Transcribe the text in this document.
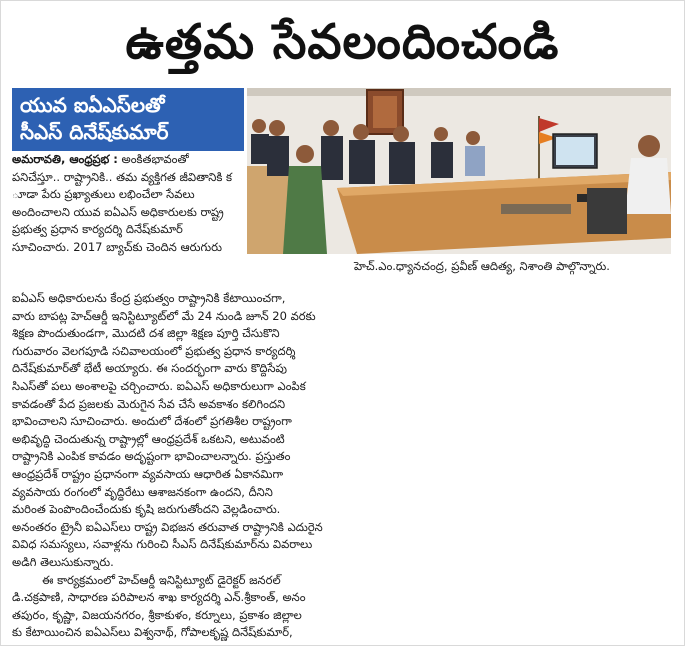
ఉత్తమ సేవలందించండి
యువ ఐఏఎస్‌లతో
సీఎస్ దినేష్‌కుమార్
హెచ్.ఎం.ధ్యానచంద్ర, ప్రవీణ్ ఆదిత్య, నిశాంతి పాల్గొన్నారు.

అమరావతి, ఆంధ్రప్రభ : అంకితభావంతో

పనిచేస్తూ.. రాష్ట్రానికి.. తమ వ్యక్తిగత జీవితానికి క
ూడా పేరు ప్రఖ్యాతులు లభించేలా సేవలు
అందించాలని యువ ఐఏఎస్ అధికారులకు రాష్ట్ర
ప్రభుత్వ ప్రధాన కార్యదర్శి దినేష్‌కుమార్
సూచించారు. 2017 బ్యాచ్‌కు చెందిన ఆరుగురు
ఐఏఎస్ అధికారులను కేంద్ర ప్రభుత్వం రాష్ట్రానికి కేటాయించగా,
వారు బాపట్ల హెచ్ఆర్డీ ఇనిస్టిట్యూట్‌లో మే 24 నుండి జూన్ 20 వరకు
శిక్షణ పొందుతుండగా, మొదటి దశ జిల్లా శిక్షణ పూర్తి చేసుకొని
గురువారం వెలగపూడి సచివాలయంలో ప్రభుత్వ ప్రధాన కార్యదర్శి
దినేష్‌కుమార్‌తో భేటీ అయ్యారు. ఈ సందర్భంగా వారు కొద్దిసేపు
సిఎస్‌తో పలు అంశాలపై చర్చించారు. ఐఏఎస్ అధికారులుగా ఎంపిక
కావడంతో పేద ప్రజలకు మెరుగైన సేవ చేసే అవకాశం కలిగిందని
భావించాలని సూచించారు. అందులో దేశంలో ప్రగతిశీల రాష్ట్రంగా
అభివృద్ధి చెందుతున్న రాష్ట్రాల్లో ఆంధ్రప్రదేశ్ ఒకటని, అటువంటి
రాష్ట్రానికి ఎంపిక కావడం అదృష్టంగా భావించాలన్నారు. ప్రస్తుతం
ఆంధ్రప్రదేశ్ రాష్ట్రం ప్రధానంగా వ్యవసాయ ఆధారిత ఏకానమిగా
వ్యవసాయ రంగంలో వృద్ధిరేటు ఆశాజనకంగా ఉందని, దీనిని
మరింత పెంపొందించేందుకు కృషి జరుగుతోందని వెల్లడించారు.
అనంతరం ట్రైనీ ఐఏఎస్‌లు రాష్ట్ర విభజన తరువాత రాష్ట్రానికి ఎదురైన
వివిధ సమస్యలు, సవాళ్లను గురించి సీఎస్ దినేష్‌కుమార్‌ను వివరాలు
అడిగి తెలుసుకున్నారు.
ఈ కార్యక్రమంలో హెచ్ఆర్డీ ఇనిస్టిట్యూట్ డైరెక్టర్ జనరల్
డి.చక్రపాణి, సాధారణ పరిపాలన శాఖ కార్యదర్శి ఎన్.శ్రీకాంత్, అనం
తపురం, కృష్ణా, విజయనగరం, శ్రీకాకుళం, కర్నూలు, ప్రకాశం జిల్లాల
కు కేటాయించిన ఐఏఎస్‌లు విశ్వనాథ్, గోపాలకృష్ణ దినేష్‌కుమార్,
